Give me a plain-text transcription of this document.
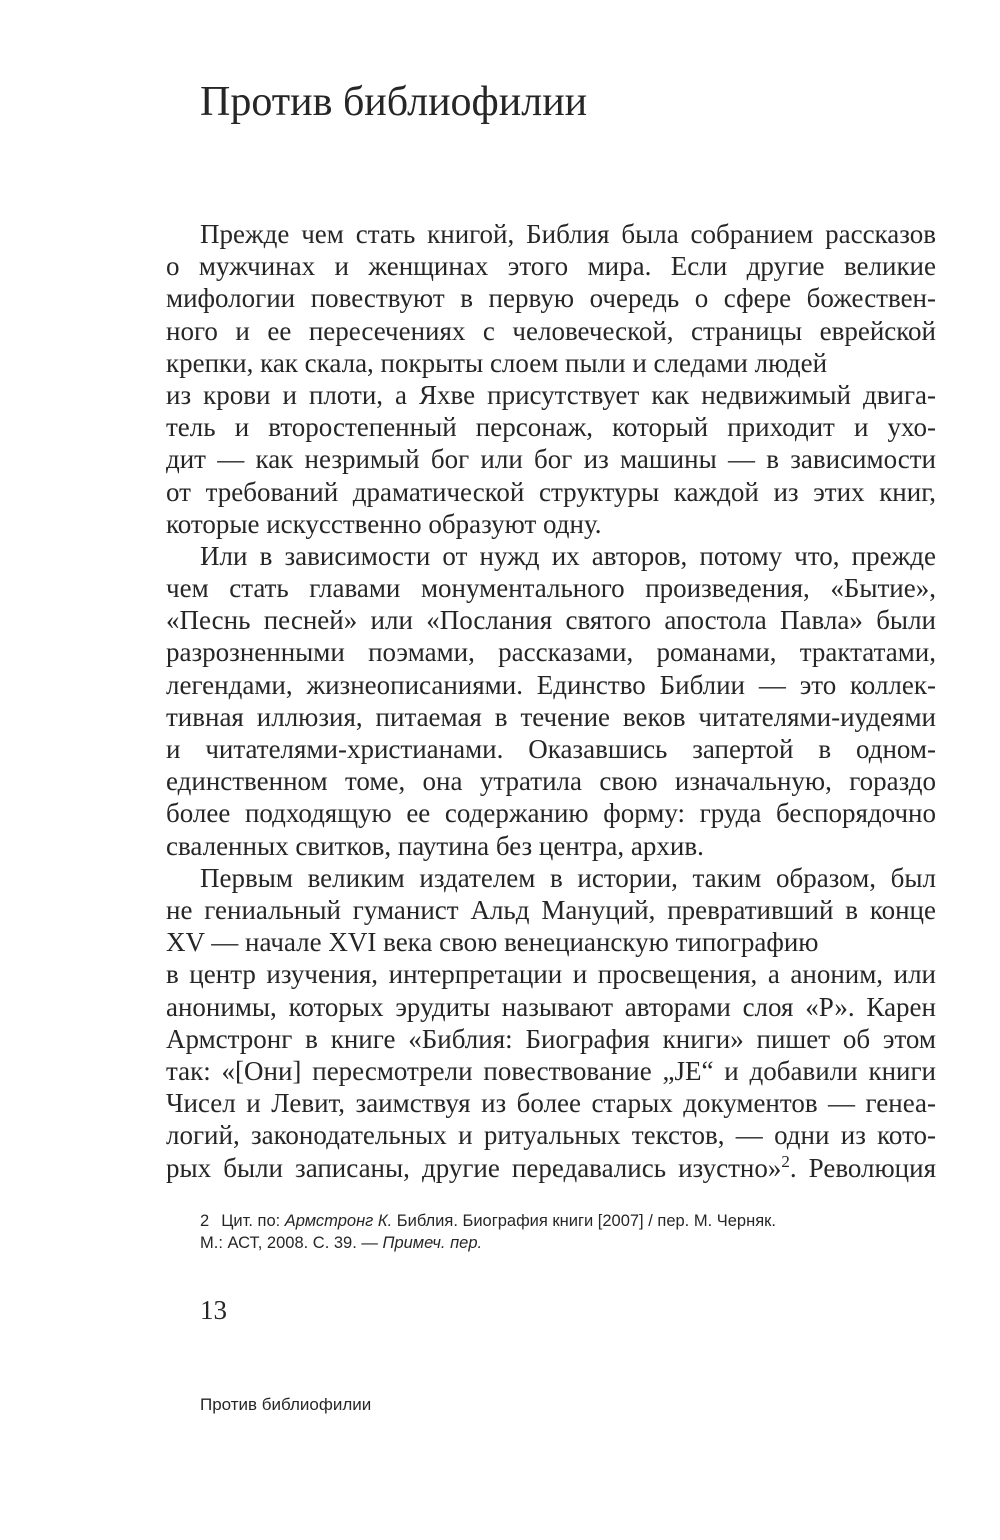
Против библиофилии
Прежде чем стать книгой, Библия была собранием рассказов
о мужчинах и женщинах этого мира. Если другие великие
мифологии повествуют в первую очередь о сфере божествен-
ного и ее пересечениях с человеческой, страницы еврейской
крепки, как скала, покрыты слоем пыли и следами людей
из крови и плоти, а Яхве присутствует как недвижимый двига-
тель и второстепенный персонаж, который приходит и ухо-
дит — как незримый бог или бог из машины — в зависимости
от требований драматической структуры каждой из этих книг,
которые искусственно образуют одну.
Или в зависимости от нужд их авторов, потому что, прежде
чем стать главами монументального произведения, «Бытие»,
«Песнь песней» или «Послания святого апостола Павла» были
разрозненными поэмами, рассказами, романами, трактатами,
легендами, жизнеописаниями. Единство Библии — это коллек-
тивная иллюзия, питаемая в течение веков читателями-иудеями
и читателями-христианами. Оказавшись запертой в одном-
единственном томе, она утратила свою изначальную, гораздо
более подходящую ее содержанию форму: груда беспорядочно
сваленных свитков, паутина без центра, архив.
Первым великим издателем в истории, таким образом, был
не гениальный гуманист Альд Мануций, превративший в конце
XV — начале XVI века свою венецианскую типографию
в центр изучения, интерпретации и просвещения, а аноним, или
анонимы, которых эрудиты называют авторами слоя «Р». Карен
Армстронг в книге «Библия: Биография книги» пишет об этом
так: «[Они] пересмотрели повествование „JE“ и добавили книги
Чисел и Левит, заимствуя из более старых документов — генеа-
логий, законодательных и ритуальных текстов, — одни из кото-
рых были записаны, другие передавались изустно»$^2$. Революция
2 Цит. по: Армстронг К. Библия. Биография книги [2007] / пер. М. Черняк.
М.: АСТ, 2008. С. 39. — Примеч. пер.
13
Против библиофилии
